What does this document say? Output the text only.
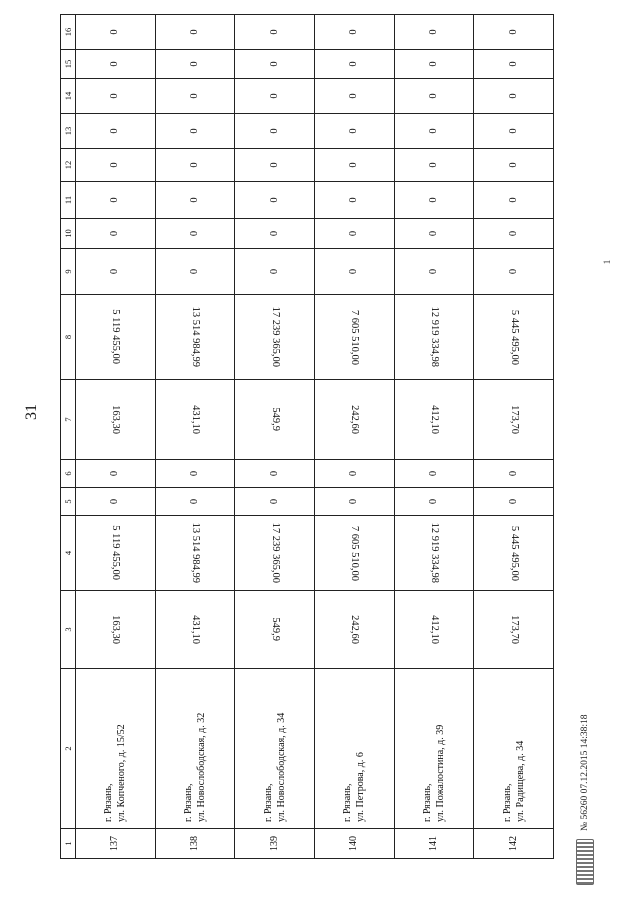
31
1
1	2	3	4	5	6	7	8	9	10	11	12	13	14	15	16
137	г. Рязань, ул. Копченого, д. 15/52	163,30	5 119 455,00	0	0	163,30	5 119 455,00	0	0	0	0	0	0	0	0
138	г. Рязань, ул. Новослободская, д. 32	431,10	13 514 984,99	0	0	431,10	13 514 984,99	0	0	0	0	0	0	0	0
139	г. Рязань, ул. Новослободская, д. 34	549,9	17 239 365,00	0	0	549,9	17 239 365,00	0	0	0	0	0	0	0	0
140	г. Рязань, ул. Петрова, д. 6	242,60	7 605 510,00	0	0	242,60	7 605 510,00	0	0	0	0	0	0	0	0
141	г. Рязань, ул. Пожалостина, д. 39	412,10	12 919 334,98	0	0	412,10	12 919 334,98	0	0	0	0	0	0	0	0
142	г. Рязань, ул. Радищева, д. 34	173,70	5 445 495,00	0	0	173,70	5 445 495,00	0	0	0	0	0	0	0	0
№ 56260 07.12.2015 14:38:18
